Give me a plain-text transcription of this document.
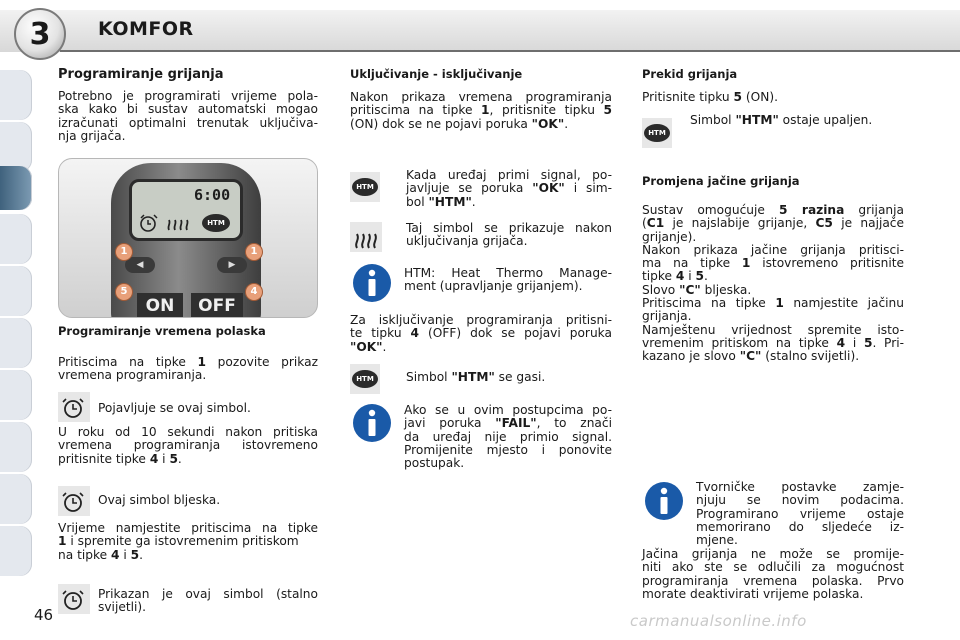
3	KOMFOR
Programiranje grijanja
Potrebno je programirati vrijeme pola-
ska kako bi sustav automatski mogao
izračunati optimalni trenutak uključiva-
nja grijača.
6:00
HTM
◀	▶
1	1
5	4
ON	OFF
Programiranje vremena polaska
Pritiscima na tipke 1 pozovite prikaz
vremena programiranja.
Pojavljuje se ovaj simbol.
U roku od 10 sekundi nakon pritiska
vremena programiranja istovremeno
pritisnite tipke 4 i 5.
Ovaj simbol bljeska.
Vrijeme namjestite pritiscima na tipke
1 i spremite ga istovremenim pritiskom
na tipke 4 i 5.
Prikazan je ovaj simbol (stalno
svijetli).
Uključivanje - isključivanje
Nakon prikaza vremena programiranja
pritiscima na tipke 1, pritisnite tipku 5
(ON) dok se ne pojavi poruka "OK".
HTM
Kada uređaj primi signal, po-
javljuje se poruka "OK" i sim-
bol "HTM".
Taj simbol se prikazuje nakon
uključivanja grijača.
HTM: Heat Thermo Manage-
ment (upravljanje grijanjem).
Za isključivanje programiranja pritisni-
te tipku 4 (OFF) dok se pojavi poruka
"OK".
HTM	Simbol "HTM" se gasi.
Ako se u ovim postupcima po-
javi poruka "FAIL", to znači
da uređaj nije primio signal.
Promijenite mjesto i ponovite
postupak.
Prekid grijanja
Pritisnite tipku 5 (ON).
HTM
Simbol "HTM" ostaje upaljen.
Promjena jačine grijanja
Sustav omogućuje 5 razina grijanja
(C1 je najslabije grijanje, C5 je najjače
grijanje).
Nakon prikaza jačine grijanja pritisci-
ma na tipke 1 istovremeno pritisnite
tipke 4 i 5.
Slovo "C" bljeska.
Pritiscima na tipke 1 namjestite jačinu
grijanja.
Namještenu vrijednost spremite isto-
vremenim pritiskom na tipke 4 i 5. Pri-
kazano je slovo "C" (stalno svijetli).
Tvorničke postavke zamje-
njuju se novim podacima.
Programirano vrijeme ostaje
memorirano do sljedeće iz-
mjene.
Jačina grijanja ne može se promije-
niti ako ste se odlučili za mogućnost
programiranja vremena polaska. Prvo
morate deaktivirati vrijeme polaska.
46	carmanualsonline.info
